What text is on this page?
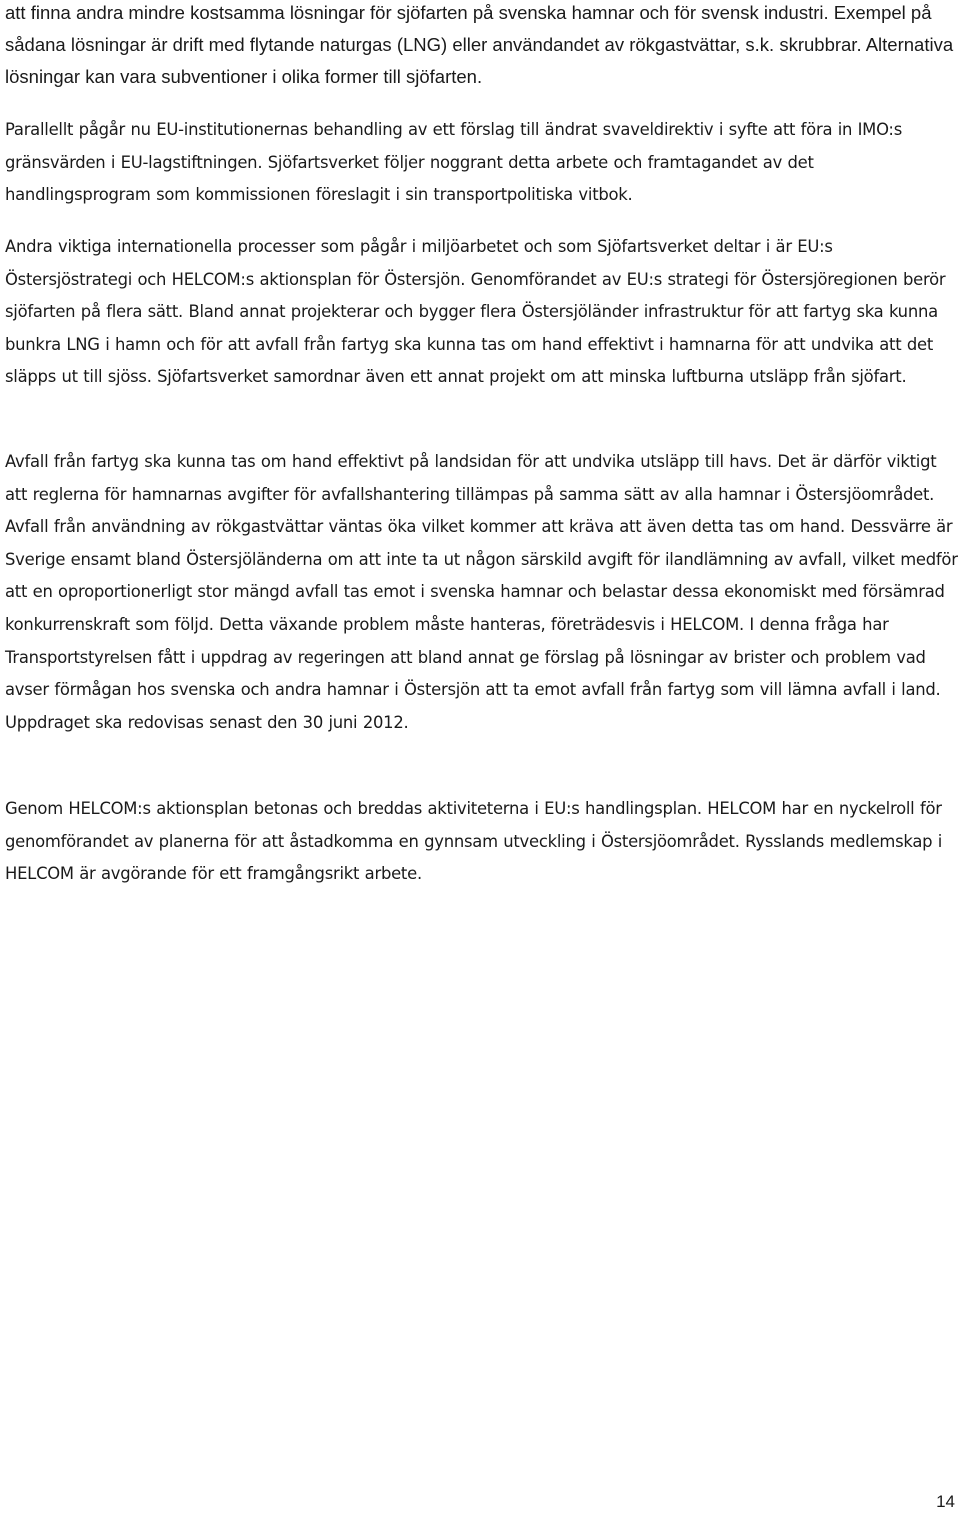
att finna andra mindre kostsamma lösningar för sjöfarten på svenska hamnar och för svensk industri. Exempel på sådana lösningar är drift med flytande naturgas (LNG) eller användandet av rökgastvättar, s.k. skrubbrar. Alternativa lösningar kan vara subventioner i olika former till sjöfarten.

Parallellt pågår nu EU-institutionernas behandling av ett förslag till ändrat svaveldirektiv i syfte att föra in IMO:s gränsvärden i EU-lagstiftningen. Sjöfartsverket följer noggrant detta arbete och framtagandet av det handlingsprogram som kommissionen föreslagit i sin transportpolitiska vitbok.

Andra viktiga internationella processer som pågår i miljöarbetet och som Sjöfartsverket deltar i är EU:s Östersjöstrategi och HELCOM:s aktionsplan för Östersjön. Genomförandet av EU:s strategi för Östersjöregionen berör sjöfarten på flera sätt. Bland annat projekterar och bygger flera Östersjöländer infrastruktur för att fartyg ska kunna bunkra LNG i hamn och för att avfall från fartyg ska kunna tas om hand effektivt i hamnarna för att undvika att det släpps ut till sjöss. Sjöfartsverket samordnar även ett annat projekt om att minska luftburna utsläpp från sjöfart.

Avfall från fartyg ska kunna tas om hand effektivt på landsidan för att undvika utsläpp till havs. Det är därför viktigt att reglerna för hamnarnas avgifter för avfallshantering tillämpas på samma sätt av alla hamnar i Östersjöområdet. Avfall från användning av rökgastvättar väntas öka vilket kommer att kräva att även detta tas om hand. Dessvärre är Sverige ensamt bland Östersjöländerna om att inte ta ut någon särskild avgift för ilandlämning av avfall, vilket medför att en oproportionerligt stor mängd avfall tas emot i svenska hamnar och belastar dessa ekonomiskt med försämrad konkurrenskraft som följd. Detta växande problem måste hanteras, företrädesvis i HELCOM. I denna fråga har Transportstyrelsen fått i uppdrag av regeringen att bland annat ge förslag på lösningar av brister och problem vad avser förmågan hos svenska och andra hamnar i Östersjön att ta emot avfall från fartyg som vill lämna avfall i land. Uppdraget ska redovisas senast den 30 juni 2012.

Genom HELCOM:s aktionsplan betonas och breddas aktiviteterna i EU:s handlingsplan. HELCOM har en nyckelroll för genomförandet av planerna för att åstadkomma en gynnsam utveckling i Östersjöområdet. Rysslands medlemskap i HELCOM är avgörande för ett framgångsrikt arbete.

14
